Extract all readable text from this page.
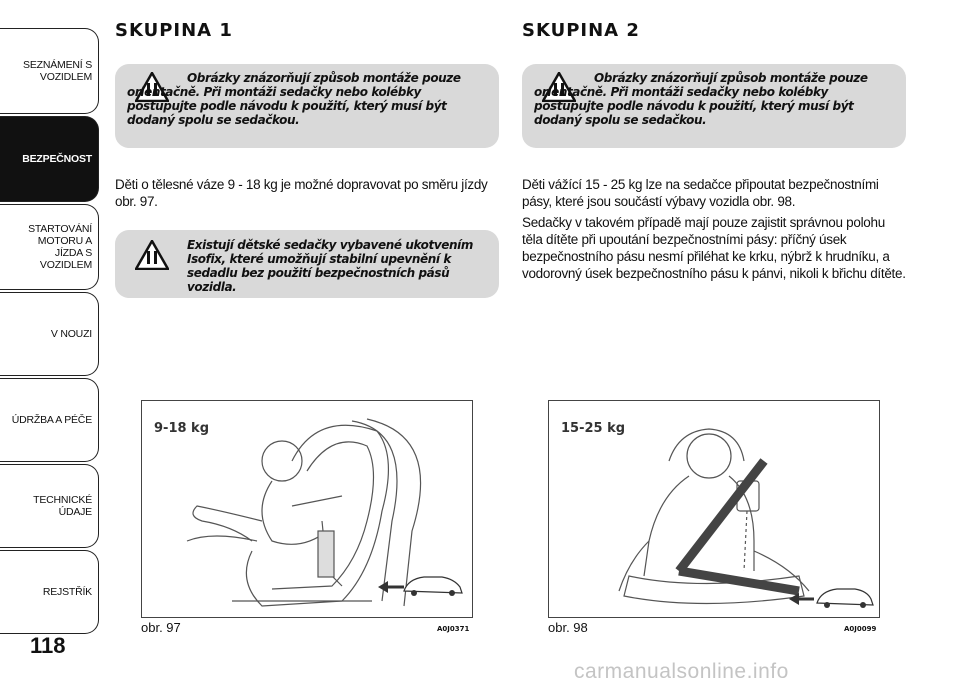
SEZNÁMENÍ S VOZIDLEM
BEZPEČNOST
STARTOVÁNÍ MOTORU A JÍZDA S VOZIDLEM
V NOUZI
ÚDRŽBA A PÉČE
TECHNICKÉ ÚDAJE
REJSTŘÍK
118
SKUPINA 1
Obrázky znázorňují způsob montáže pouze orientačně. Při montáži sedačky nebo kolébky postupujte podle návodu k použití, který musí být dodaný spolu se sedačkou.
Děti o tělesné váze 9 - 18 kg je možné dopravovat po směru jízdy obr. 97.
Existují dětské sedačky vybavené ukotvením Isofix, které umožňují stabilní upevnění k sedadlu bez použití bezpečnostních pásů vozidla.
9-18 kg
obr. 97	A0J0371
SKUPINA 2
Obrázky znázorňují způsob montáže pouze orientačně. Při montáži sedačky nebo kolébky postupujte podle návodu k použití, který musí být dodaný spolu se sedačkou.
Děti vážící 15 - 25 kg lze na sedačce připoutat bezpečnostními pásy, které jsou součástí výbavy vozidla obr. 98.
Sedačky v takovém případě mají pouze zajistit správnou polohu těla dítěte při upoutání bezpečnostními pásy: příčný úsek bezpečnostního pásu nesmí přiléhat ke krku, nýbrž k hrudníku, a vodorovný úsek bezpečnostního pásu k pánvi, nikoli k břichu dítěte.
15-25 kg
obr. 98	A0J0099
carmanualsonline.info
